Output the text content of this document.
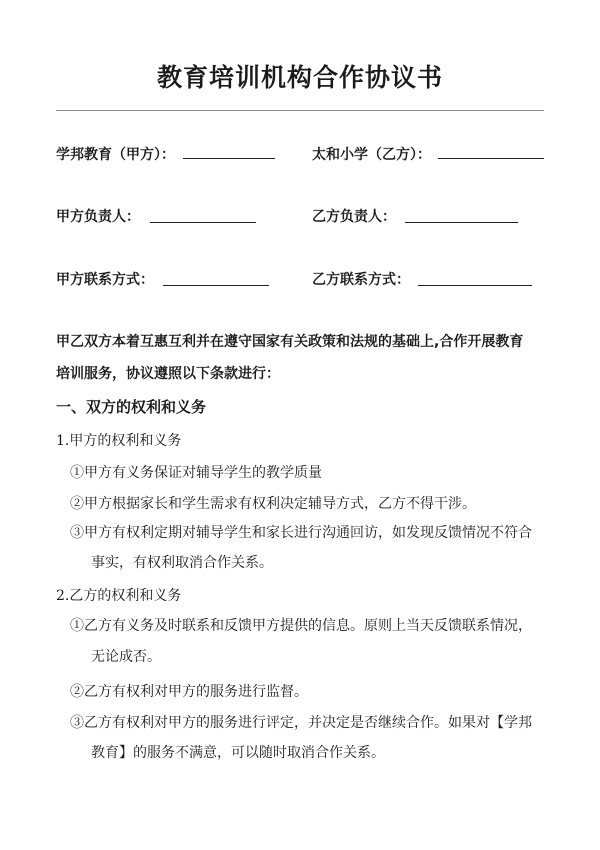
教育培训机构合作协议书
学邦教育（甲方）：	太和小学（乙方）：
甲方负责人：	乙方负责人：
甲方联系方式：	乙方联系方式：
甲乙双方本着互惠互利并在遵守国家有关政策和法规的基础上,合作开展教育
培训服务，协议遵照以下条款进行：
一、双方的权利和义务
1.甲方的权利和义务
①甲方有义务保证对辅导学生的教学质量
②甲方根据家长和学生需求有权利决定辅导方式，乙方不得干涉。
③甲方有权利定期对辅导学生和家长进行沟通回访，如发现反馈情况不符合
事实，有权利取消合作关系。
2.乙方的权利和义务
①乙方有义务及时联系和反馈甲方提供的信息。原则上当天反馈联系情况，
无论成否。
②乙方有权利对甲方的服务进行监督。
③乙方有权利对甲方的服务进行评定，并决定是否继续合作。如果对【学邦
教育】的服务不满意，可以随时取消合作关系。
